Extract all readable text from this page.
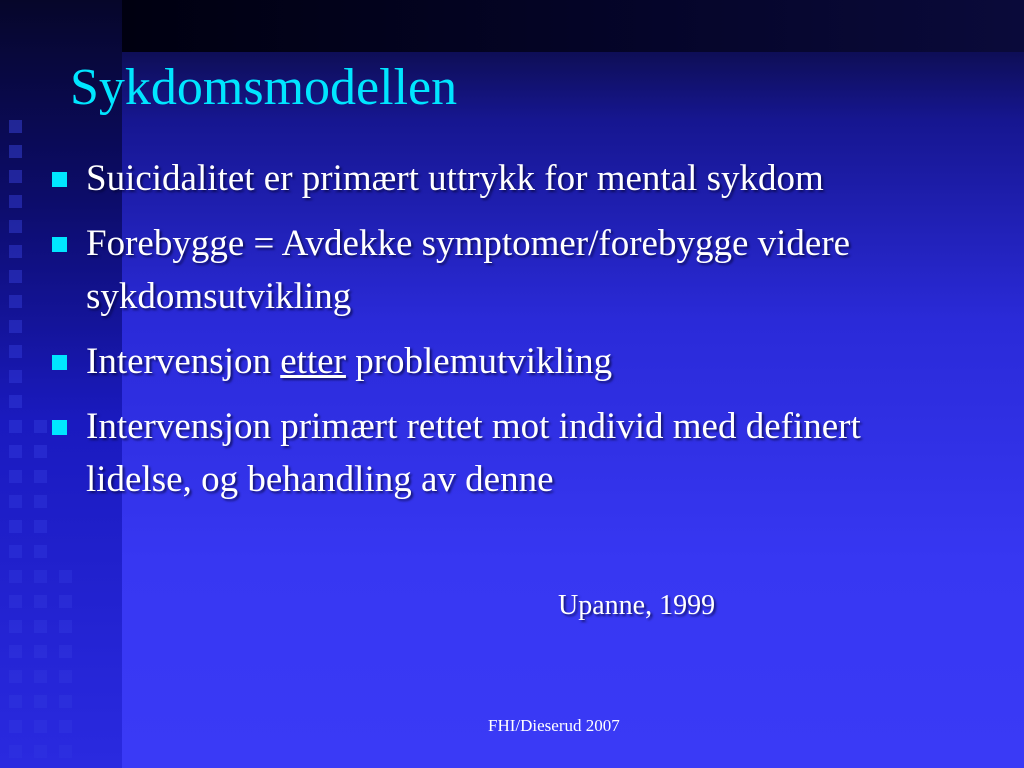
Sykdomsmodellen
Suicidalitet er primært uttrykk for mental sykdom
Forebygge = Avdekke symptomer/forebygge videre sykdomsutvikling
Intervensjon etter problemutvikling
Intervensjon primært rettet mot individ med definert lidelse, og behandling av denne
Upanne, 1999
FHI/Dieserud 2007
